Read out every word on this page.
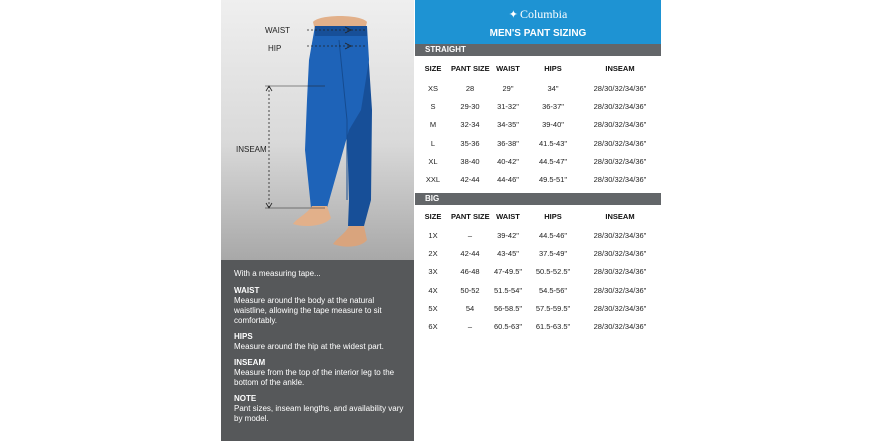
WAIST
HIP
INSEAM
With a measuring tape...
WAIST
Measure around the body at the natural waistline, allowing the tape measure to sit comfortably.
HIPS
Measure around the hip at the widest part.
INSEAM
Measure from the top of the interior leg to the bottom of the ankle.
NOTE
Pant sizes, inseam lengths, and availability vary by model.
✦ Columbia
MEN'S PANT SIZING
STRAIGHT
SIZE	PANT SIZE	WAIST	HIPS	INSEAM
XS	28	29"	34"	28/30/32/34/36"
S	29-30	31-32"	36-37"	28/30/32/34/36"
M	32-34	34-35"	39-40"	28/30/32/34/36"
L	35-36	36-38"	41.5-43"	28/30/32/34/36"
XL	38-40	40-42"	44.5-47"	28/30/32/34/36"
XXL	42-44	44-46"	49.5-51"	28/30/32/34/36"
BIG
SIZE	PANT SIZE	WAIST	HIPS	INSEAM
1X	–	39-42"	44.5-46"	28/30/32/34/36"
2X	42-44	43-45"	37.5-49"	28/30/32/34/36"
3X	46-48	47-49.5"	50.5-52.5"	28/30/32/34/36"
4X	50-52	51.5-54"	54.5-56"	28/30/32/34/36"
5X	54	56-58.5"	57.5-59.5"	28/30/32/34/36"
6X	–	60.5-63"	61.5-63.5"	28/30/32/34/36"
